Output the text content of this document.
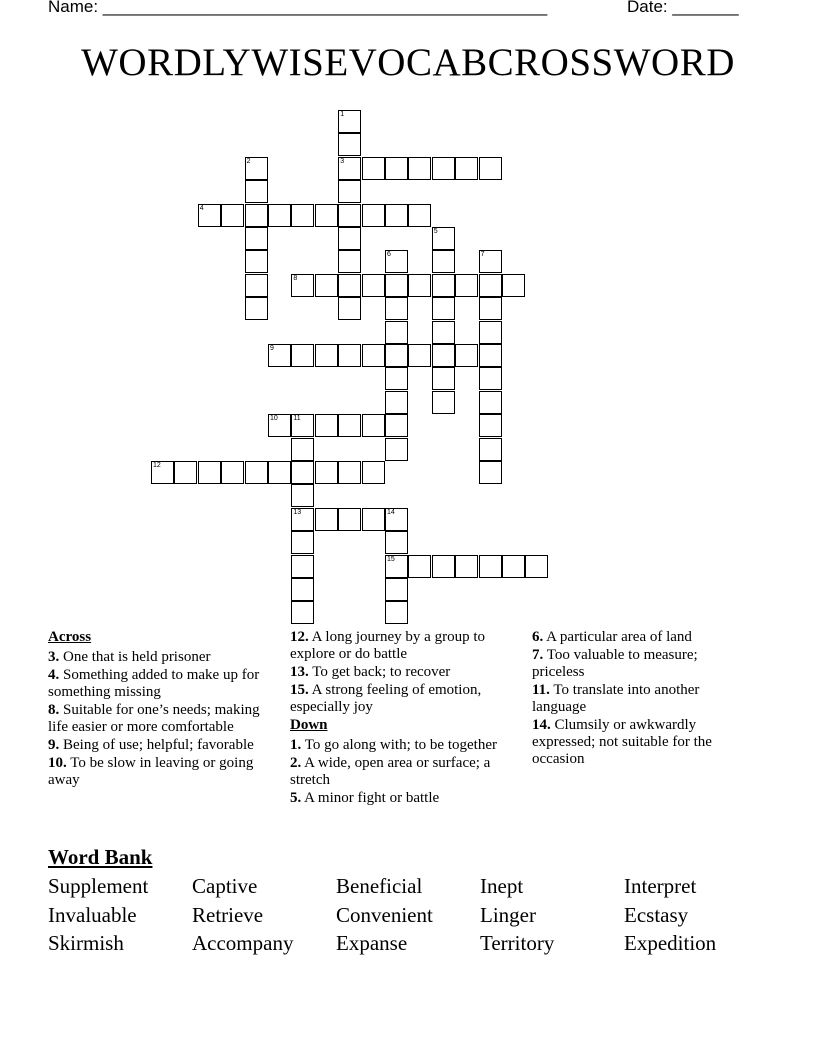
Name: _______________________________________________	Date: _______
WORDLYWISEVOCABCROSSWORD
3
4
8
9
10 11
12
13
15
1
2
5
6	7
14
Across
3. One that is held prisoner
4. Something added to make up for something missing
8. Suitable for one’s needs; making life easier or more comfortable
9. Being of use; helpful; favorable
10. To be slow in leaving or going away
12. A long journey by a group to explore or do battle
13. To get back; to recover
15. A strong feeling of emotion, especially joy
Down
1. To go along with; to be together
2. A wide, open area or surface; a stretch
5. A minor fight or battle
6. A particular area of land
7. Too valuable to measure; priceless
11. To translate into another language
14. Clumsily or awkwardly expressed; not suitable for the occasion
Word Bank
Supplement Captive	Beneficial	Inept	Interpret
Invaluable	Retrieve	Convenient Linger	Ecstasy
Skirmish	Accompany Expanse	Territory	Expedition
